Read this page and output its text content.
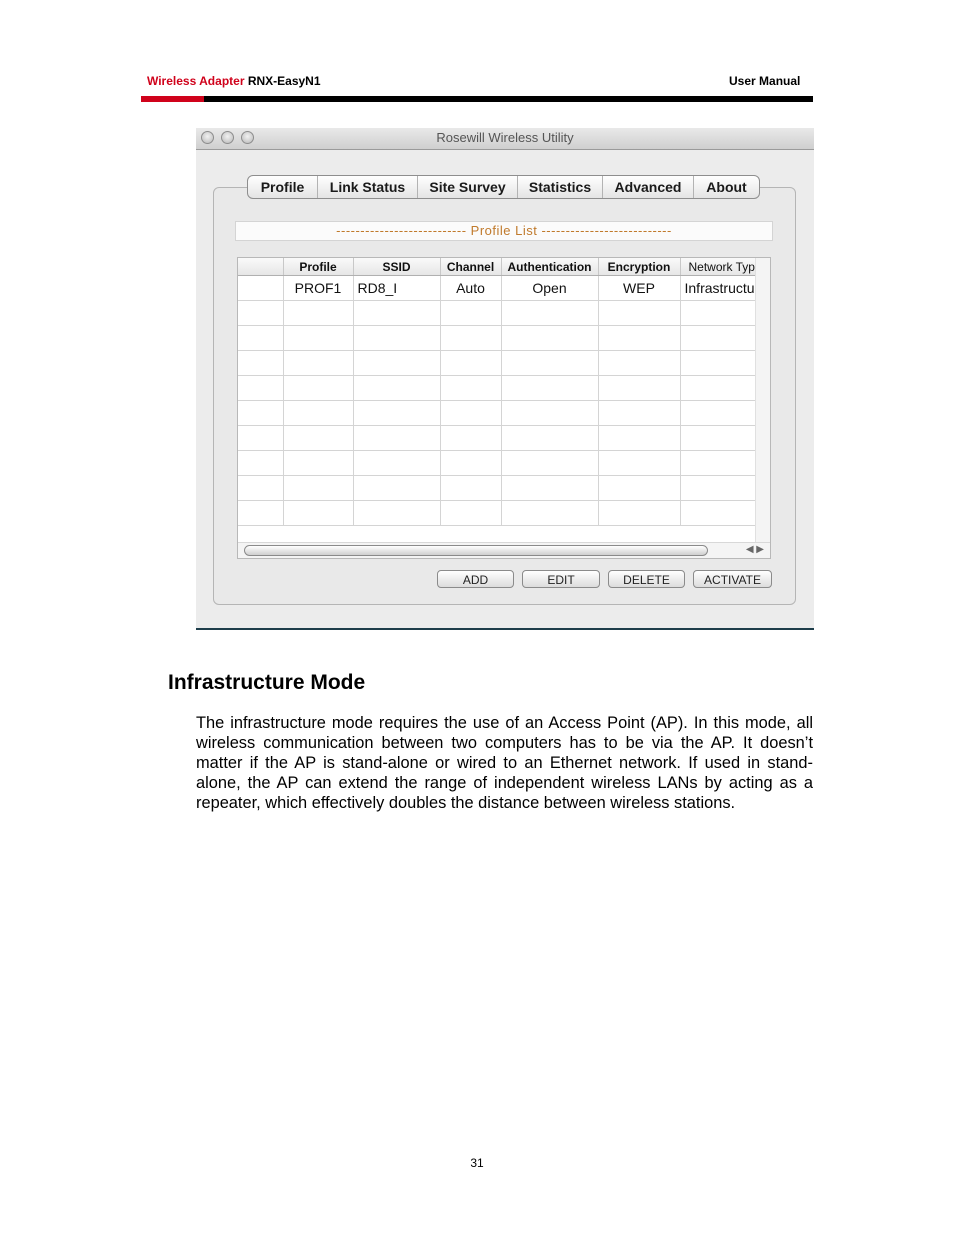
Wireless Adapter RNX-EasyN1	User Manual
Rosewill Wireless Utility
Profile	Link Status	Site Survey	Statistics	Advanced	About
--------------------------- Profile List ---------------------------
	Profile	SSID	Channel	Authentication	Encryption	Network Typ
	PROF1	RD8_I	Auto	Open	WEP	Infrastructu

◀ ▶
ADD	EDIT	DELETE	ACTIVATE
Infrastructure Mode
The infrastructure mode requires the use of an Access Point (AP). In this mode, all wireless communication between two computers has to be via the AP. It doesn’t matter if the AP is stand-alone or wired to an Ethernet network. If used in stand-alone, the AP can extend the range of independent wireless LANs by acting as a repeater, which effectively doubles the distance between wireless stations.
31
